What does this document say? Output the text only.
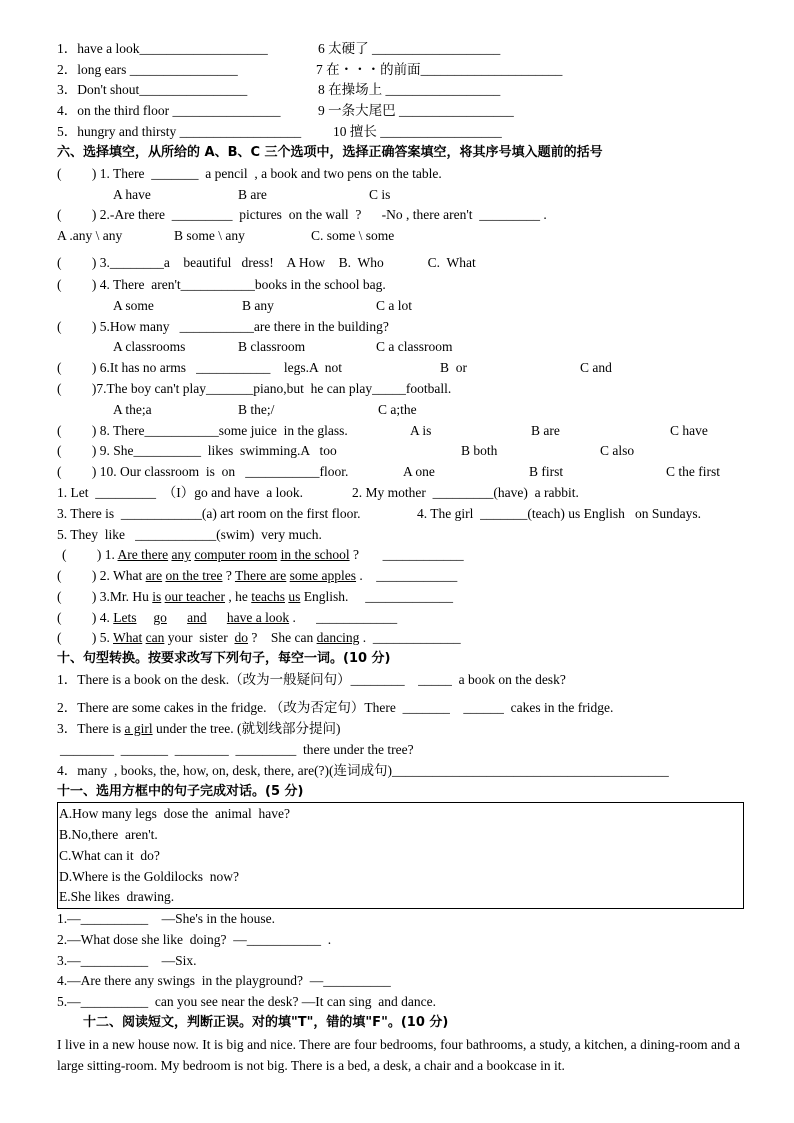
1．have a look___________________
2．long ears ________________
3．Don't shout________________
4．on the third floor ________________
5．hungry and thirsty __________________
6 太硬了 ___________________
7 在・・・的前面_____________________
8 在操场上 _________________
9 一条大尾巴 _________________
10 擅长 __________________
六、选择填空，从所给的 A、B、C 三个选项中，选择正确答案填空，将其序号填入题前的括号
(         ) 1. There  _______  a pencil  , a book and two pens on the table.
A have	B are	C is
(         ) 2.-Are there  _________  pictures  on the wall  ?      -No , there aren't  _________ .
A .any \ any	B some \ any	C. some \ some
(         ) 3.________a    beautiful   dress!    A How    B.  Who             C.  What
(         ) 4. There  aren't___________books in the school bag.
A some	B any	C a lot
(         ) 5.How many   ___________are there in the building?
A classrooms	B classroom	C a classroom
(         ) 6.It has no arms   ___________    legs.A  not	B  or	C and
(         )7.The boy can't play_______piano,but  he can play_____football.
A the;a	B the;/	C a;the
(         ) 8. There___________some juice  in the glass.	A is	B are	C have
(         ) 9. She__________  likes  swimming.A   too	B both	C also
(         ) 10. Our classroom  is  on   ___________floor.	A one	B first	C the first
1. Let  _________  （I）go and have  a look.	2. My mother  _________(have)  a rabbit.
3. There is  ____________(a) art room on the first floor.	4. The girl  _______(teach) us English   on Sundays.
5. They  like   ____________(swim)  very much.
(         ) 1. Are there any computer room in the school ?       ____________
(         ) 2. What are on the tree ? There are some apples .    ____________
(         ) 3.Mr. Hu is our teacher , he teachs us English.     _____________
(         ) 4. Lets go and have a look .      ____________
(         ) 5. What can your  sister  do ?    She can dancing .  _____________
十、句型转换。按要求改写下列句子，每空一词。(10 分)
1．There is a book on the desk.（改为一般疑问句）________    _____  a book on the desk?
2．There are some cakes in the fridge. （改为否定句）There  _______    ______  cakes in the fridge.
3．There is a girl under the tree. (就划线部分提问)
________  _______  ________  _________  there under the tree?
4．many  , books, the, how, on, desk, there, are(?)(连词成句)_________________________________________
十一、选用方框中的句子完成对话。(5 分)
A.How many legs  dose the  animal  have?
B.No,there  aren't.
C.What can it  do?
D.Where is the Goldilocks  now?
E.She likes  drawing.
1.—__________    —She's in the house.
2.—What dose she like  doing?  —___________  .
3.—__________    —Six.
4.—Are there any swings  in the playground?  —__________
5.—__________  can you see near the desk? —It can sing  and dance.
十二、阅读短文，判断正误。对的填"T"，错的填"F"。(10 分)
I live in a new house now. It is big and nice. There are four bedrooms, four bathrooms, a study, a kitchen, a dining-room and a large sitting-room. My bedroom is not big. There is a bed, a desk, a chair and a bookcase in it.
